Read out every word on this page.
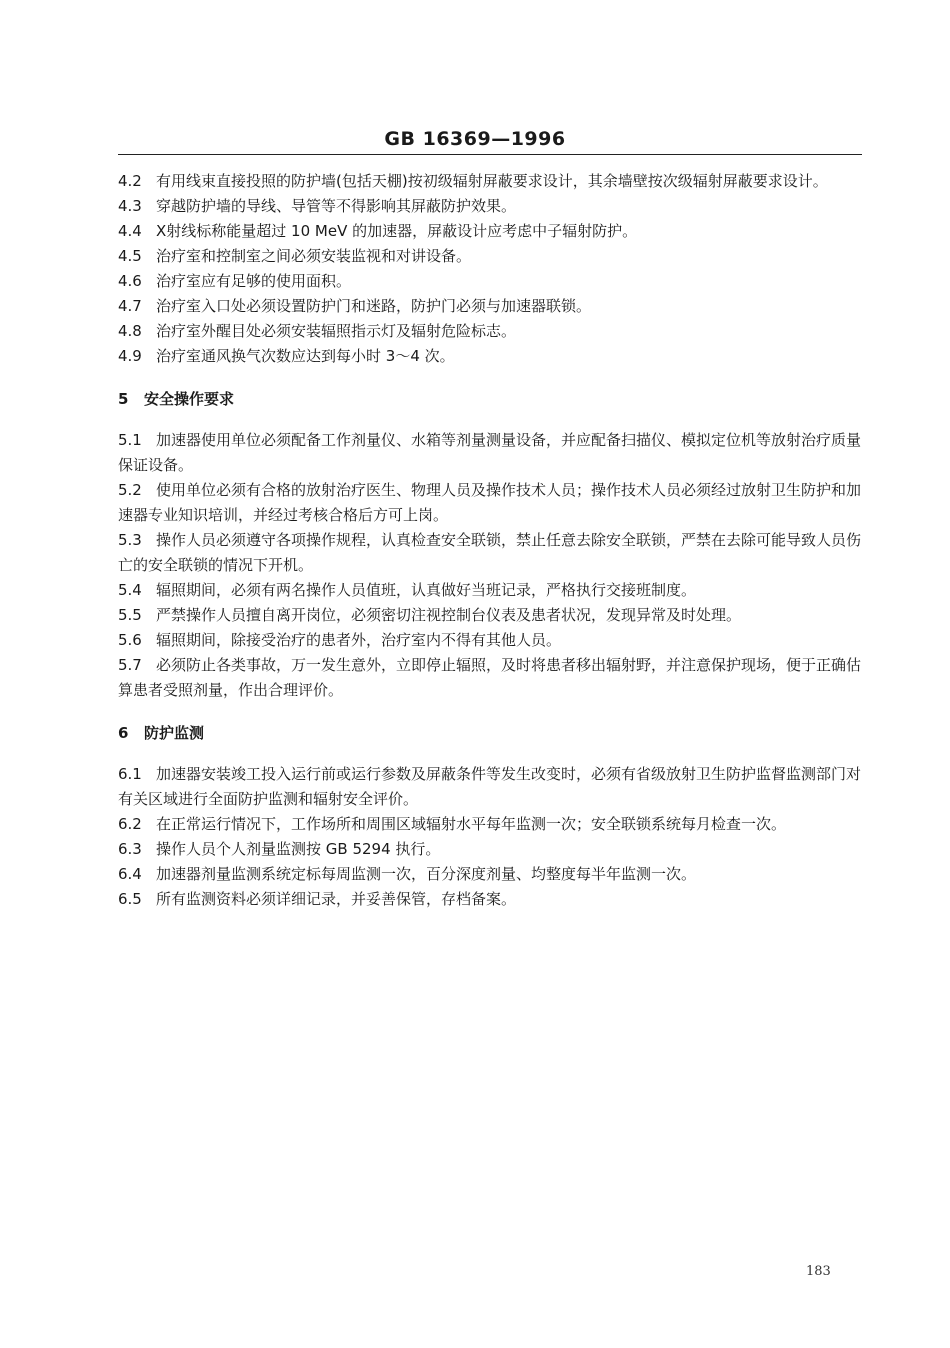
GB 16369—1996

4.2 有用线束直接投照的防护墙(包括天棚)按初级辐射屏蔽要求设计，其余墙壁按次级辐射屏蔽要求设计。

4.3 穿越防护墙的导线、导管等不得影响其屏蔽防护效果。

4.4 X射线标称能量超过 10 MeV 的加速器，屏蔽设计应考虑中子辐射防护。

4.5 治疗室和控制室之间必须安装监视和对讲设备。

4.6 治疗室应有足够的使用面积。

4.7 治疗室入口处必须设置防护门和迷路，防护门必须与加速器联锁。

4.8 治疗室外醒目处必须安装辐照指示灯及辐射危险标志。

4.9 治疗室通风换气次数应达到每小时 3～4 次。

5 安全操作要求

5.1 加速器使用单位必须配备工作剂量仪、水箱等剂量测量设备，并应配备扫描仪、模拟定位机等放射治疗质量保证设备。

5.2 使用单位必须有合格的放射治疗医生、物理人员及操作技术人员；操作技术人员必须经过放射卫生防护和加速器专业知识培训，并经过考核合格后方可上岗。

5.3 操作人员必须遵守各项操作规程，认真检查安全联锁，禁止任意去除安全联锁，严禁在去除可能导致人员伤亡的安全联锁的情况下开机。

5.4 辐照期间，必须有两名操作人员值班，认真做好当班记录，严格执行交接班制度。

5.5 严禁操作人员擅自离开岗位，必须密切注视控制台仪表及患者状况，发现异常及时处理。

5.6 辐照期间，除接受治疗的患者外，治疗室内不得有其他人员。

5.7 必须防止各类事故，万一发生意外，立即停止辐照，及时将患者移出辐射野，并注意保护现场，便于正确估算患者受照剂量，作出合理评价。

6 防护监测

6.1 加速器安装竣工投入运行前或运行参数及屏蔽条件等发生改变时，必须有省级放射卫生防护监督监测部门对有关区域进行全面防护监测和辐射安全评价。

6.2 在正常运行情况下，工作场所和周围区域辐射水平每年监测一次；安全联锁系统每月检查一次。

6.3 操作人员个人剂量监测按 GB 5294 执行。

6.4 加速器剂量监测系统定标每周监测一次，百分深度剂量、均整度每半年监测一次。

6.5 所有监测资料必须详细记录，并妥善保管，存档备案。

183
